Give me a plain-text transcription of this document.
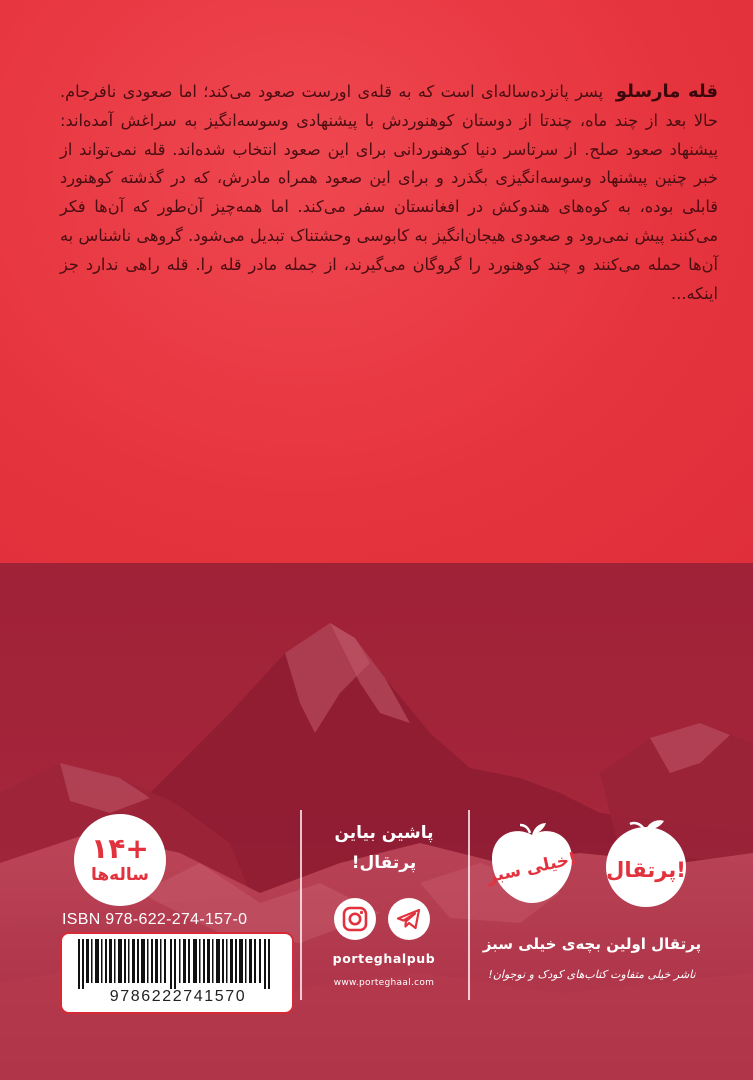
قله مارسلو  پسر پانزده‌ساله‌ای است که به قله‌ی اورست صعود می‌کند؛ اما صعودی نافرجام. حالا بعد از چند ماه، چندتا از دوستان کوهنوردش با پیشنهادی وسوسه‌انگیز به سراغش آمده‌اند: پیشنهاد صعود صلح. از سرتاسر دنیا کوهنوردانی برای این صعود انتخاب شده‌اند. قله نمی‌تواند از خبر چنین پیشنهاد وسوسه‌انگیزی بگذرد و برای این صعود همراه مادرش، که در گذشته کوهنورد قابلی بوده، به کوه‌های هندوکش در افغانستان سفر می‌کند. اما همه‌چیز آن‌طور که آن‌ها فکر می‌کنند پیش نمی‌رود و صعودی هیجان‌انگیز به کابوسی وحشتناک تبدیل می‌شود. گروهی ناشناس به آن‌ها حمله می‌کنند و چند کوهنورد را گروگان می‌گیرند، از جمله مادر قله را. قله راهی ندارد جز اینکه...
+۱۴
ساله‌ها
ISBN 978-622-274-157-0
9786222741570
پاشین بیاین
پرتقال!
porteghalpub
www.porteghaal.com
خیلی سبز! پرتقال!
پرتقال اولین بچه‌ی خیلی سبز
ناشر خیلی متفاوت کتاب‌های کودک و نوجوان!
